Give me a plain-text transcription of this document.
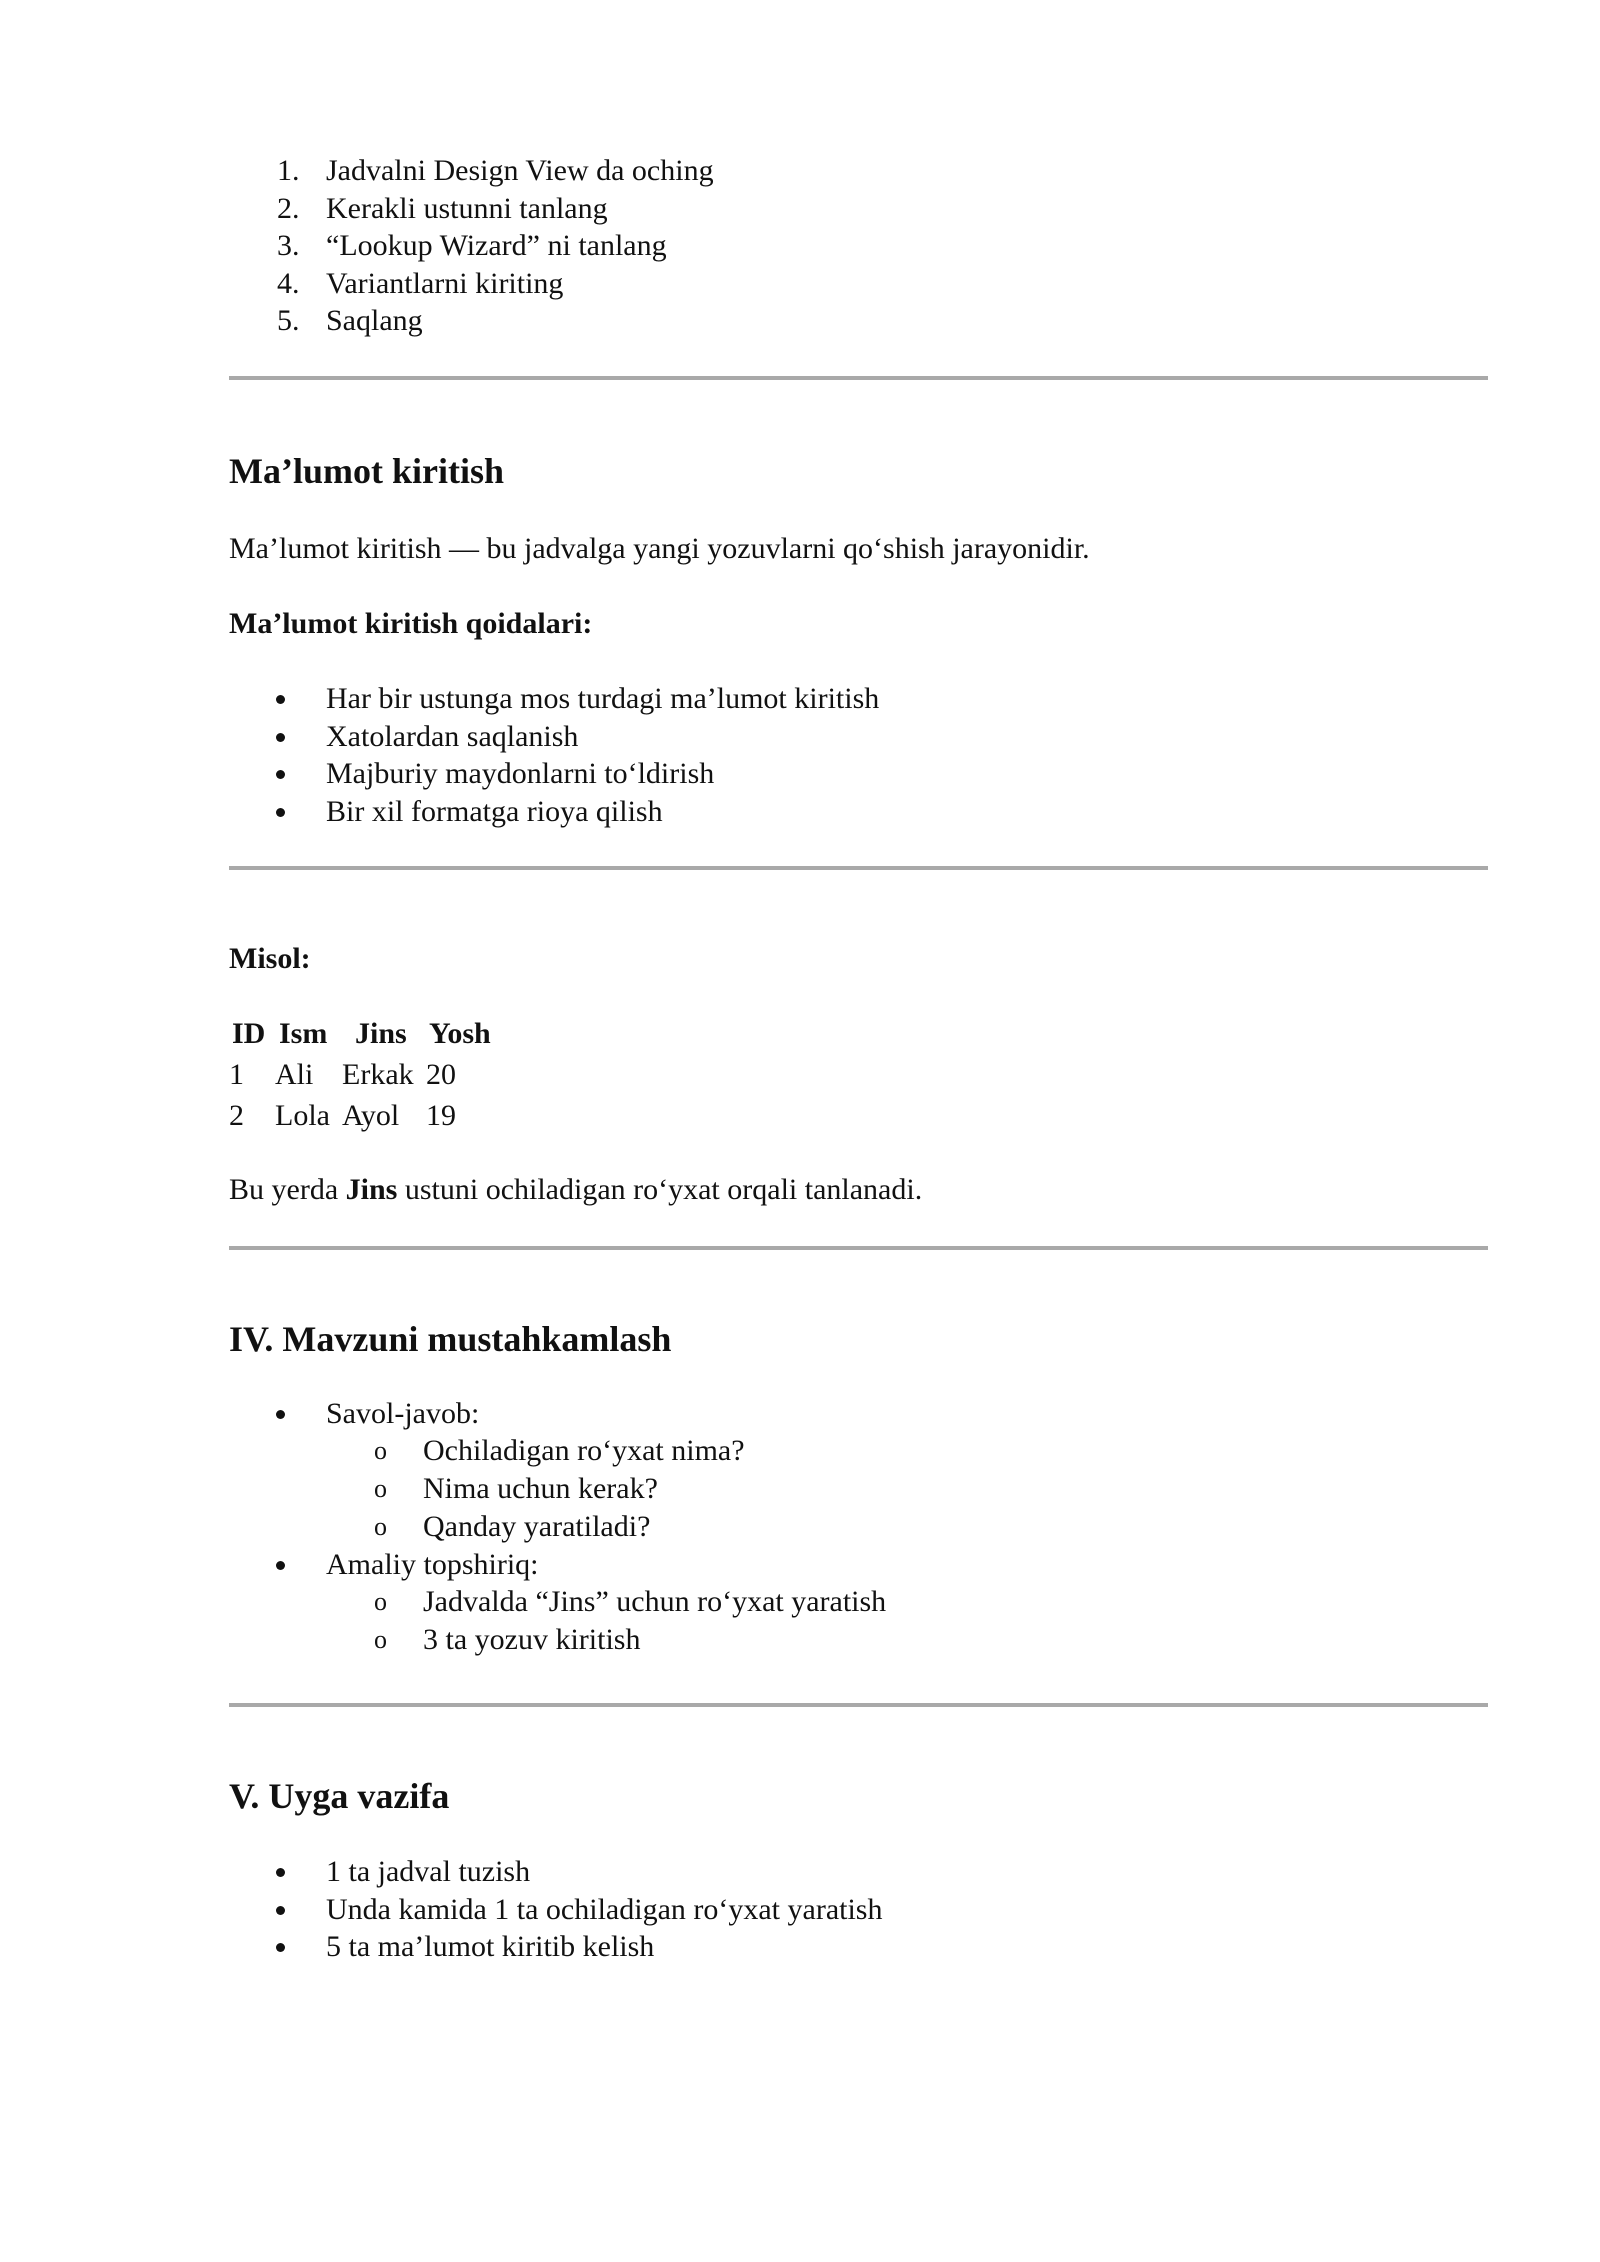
1. Jadvalni Design View da oching
2. Kerakli ustunni tanlang
3. “Lookup Wizard” ni tanlang
4. Variantlarni kiriting
5. Saqlang
Ma’lumot kiritish

Ma’lumot kiritish — bu jadvalga yangi yozuvlarni qo‘shish jarayonidir.

Ma’lumot kiritish qoidalari:

Har bir ustunga mos turdagi ma’lumot kiritish
Xatolardan saqlanish
Majburiy maydonlarni to‘ldirish
Bir xil formatga rioya qilish

Misol:

ID Ism Jins Yosh
1 Ali Erkak 20
2 Lola Ayol 19

Bu yerda Jins ustuni ochiladigan ro‘yxat orqali tanlanadi.

IV. Mavzuni mustahkamlash
Savol-javob:
o Ochiladigan ro‘yxat nima?
o Nima uchun kerak?
o Qanday yaratiladi?
Amaliy topshiriq:
o Jadvalda “Jins” uchun ro‘yxat yaratish
o 3 ta yozuv kiritish
V. Uyga vazifa
1 ta jadval tuzish
Unda kamida 1 ta ochiladigan ro‘yxat yaratish
5 ta ma’lumot kiritib kelish
